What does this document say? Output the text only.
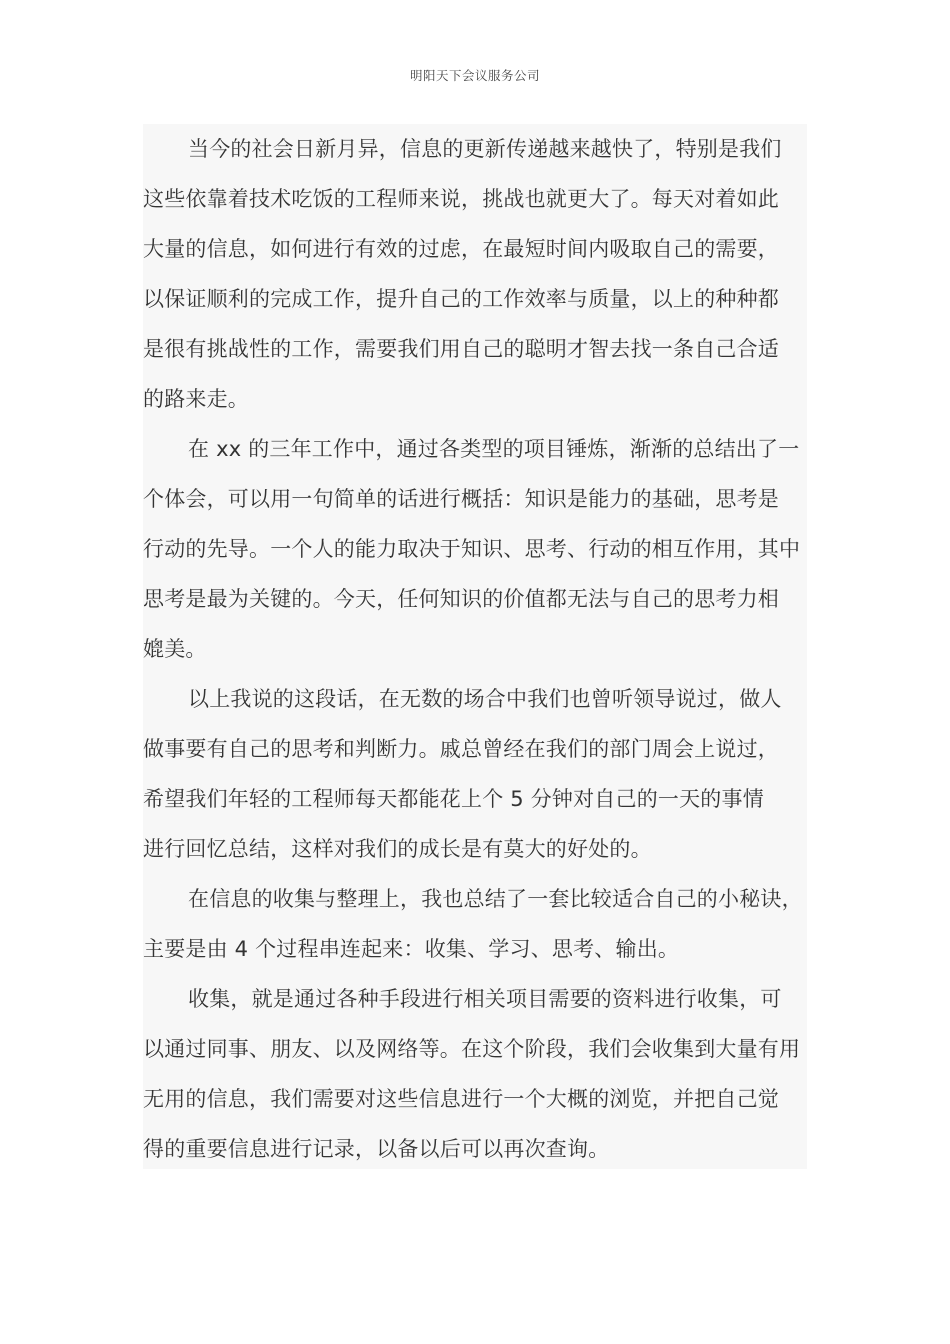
明阳天下会议服务公司
当今的社会日新月异，信息的更新传递越来越快了，特别是我们
这些依靠着技术吃饭的工程师来说，挑战也就更大了。每天对着如此
大量的信息，如何进行有效的过虑，在最短时间内吸取自己的需要，
以保证顺利的完成工作，提升自己的工作效率与质量，以上的种种都
是很有挑战性的工作，需要我们用自己的聪明才智去找一条自己合适
的路来走。
在 xx 的三年工作中，通过各类型的项目锤炼，渐渐的总结出了一
个体会，可以用一句简单的话进行概括：知识是能力的基础，思考是
行动的先导。一个人的能力取决于知识、思考、行动的相互作用，其中
思考是最为关键的。今天，任何知识的价值都无法与自己的思考力相
媲美。
以上我说的这段话，在无数的场合中我们也曾听领导说过，做人
做事要有自己的思考和判断力。戚总曾经在我们的部门周会上说过，
希望我们年轻的工程师每天都能花上个 5 分钟对自己的一天的事情
进行回忆总结，这样对我们的成长是有莫大的好处的。
在信息的收集与整理上，我也总结了一套比较适合自己的小秘诀，
主要是由 4 个过程串连起来：收集、学习、思考、输出。
收集，就是通过各种手段进行相关项目需要的资料进行收集，可
以通过同事、朋友、以及网络等。在这个阶段，我们会收集到大量有用
无用的信息，我们需要对这些信息进行一个大概的浏览，并把自己觉
得的重要信息进行记录，以备以后可以再次查询。
